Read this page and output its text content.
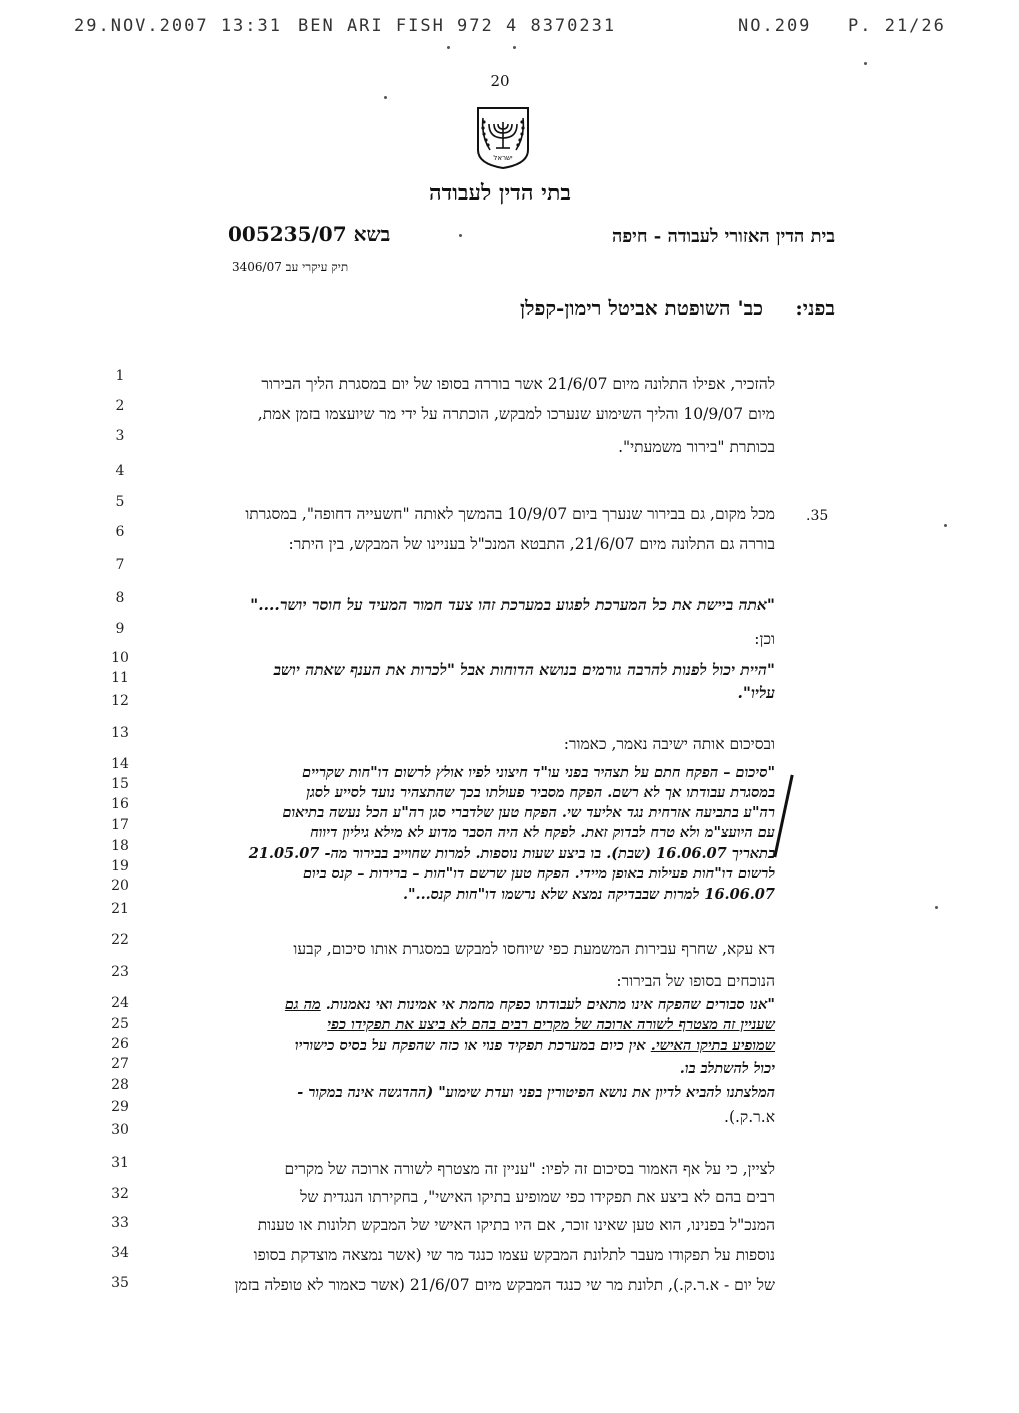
29.NOV.2007 13:31 BEN ARI FISH 972 4 8370231	NO.209 P. 21/26
20
ישראל
בתי הדין לעבודה
בית הדין האזורי לעבודה - חיפה
בשא 005235/07
תיק עיקרי עב 3406/07
בפני:
כב' השופטת אביטל רימון-קפלן
1
2
3
4
5
6
7
8
9
10
11
12
13
14
15
16
17
18
19
20
21
22
23
24
25
26
27
28
29
30
31
32
33
34
35
.35
להזכיר, אפילו התלונה מיום 21/6/07 אשר בוררה בסופו של יום במסגרת הליך הבירור
מיום 10/9/07 והליך השימוע שנערכו למבקש, הוכתרה על ידי מר שיועצמו בזמן אמת,
בכותרת "בירור משמעתי".
מכל מקום, גם בבירור שנערך ביום 10/9/07 בהמשך לאותה "חשעייה דחופה", במסגרתו
בוררה גם התלונה מיום 21/6/07, התבטא המנכ"ל בעניינו של המבקש, בין היתר:
"אתה ביישת את כל המערכת לפגוע במערכת זהו צעד חמור המעיד על חוסר יושר...."
וכן:
"היית יכול לפנות להרבה גורמים בנושא הדוחות אבל "לכרות את הענף שאתה יושב
עליו".
ובסיכום אותה ישיבה נאמר, כאמור:
"סיכום – הפקח חתם על תצהיר בפני עו"ד חיצוני לפיו אולץ לרשום דו"חות שקריים
במסגרת עבודתו אך לא רשם. הפקח מסביר פעולתו בכך שהתצהיר נועד לסייע לסגן
רה"ע בתביעה אזרחית נגד אליעד שי. הפקח טען שלדברי סגן רה"ע הכל נעשה בתיאום
עם היועצ"מ ולא טרח לבדוק זאת. לפקח לא היה הסבר מדוע לא מילא גיליון דיווח
בתאריך 16.06.07 (שבת). בו ביצע שעות נוספות. למרות שחוייב בבירור מה- 21.05.07
לרשום דו"חות פעילות באופן מיידי. הפקח טען שרשם דו"חות – ברירות – קנס ביום
16.06.07 למרות שבבדיקה נמצא שלא נרשמו דו"חות קנס...".
דא עקא, שחרף עבירות המשמעת כפי שיוחסו למבקש במסגרת אותו סיכום, קבעו
הנוכחים בסופו של הבירור:
"אנו סבורים שהפקח אינו מתאים לעבודתו כפקח מחמת אי אמינות ואי נאמנות. מה גם
שעניין זה מצטרף לשורה ארוכה של מקרים רבים בהם לא ביצע את תפקידו כפי
שמופיע בתיקו האישי. אין כיום במערכת תפקיד פנוי או כזה שהפקח על בסיס כישוריו
יכול להשתלב בו.
המלצתנו להביא לדיון את נושא הפיטורין בפני ועדת שימוע" (ההדגשה אינה במקור -
א.ר.ק.).
לציין, כי על אף האמור בסיכום זה לפיו: "עניין זה מצטרף לשורה ארוכה של מקרים
רבים בהם לא ביצע את תפקידו כפי שמופיע בתיקו האישי", בחקירתו הנגדית של
המנכ"ל בפנינו, הוא טען שאינו זוכר, אם היו בתיקו האישי של המבקש תלונות או טענות
נוספות על תפקודו מעבר לתלונת המבקש עצמו כנגד מר שי (אשר נמצאה מוצדקת בסופו
של יום - א.ר.ק.), תלונת מר שי כנגד המבקש מיום 21/6/07 (אשר כאמור לא טופלה בזמן
